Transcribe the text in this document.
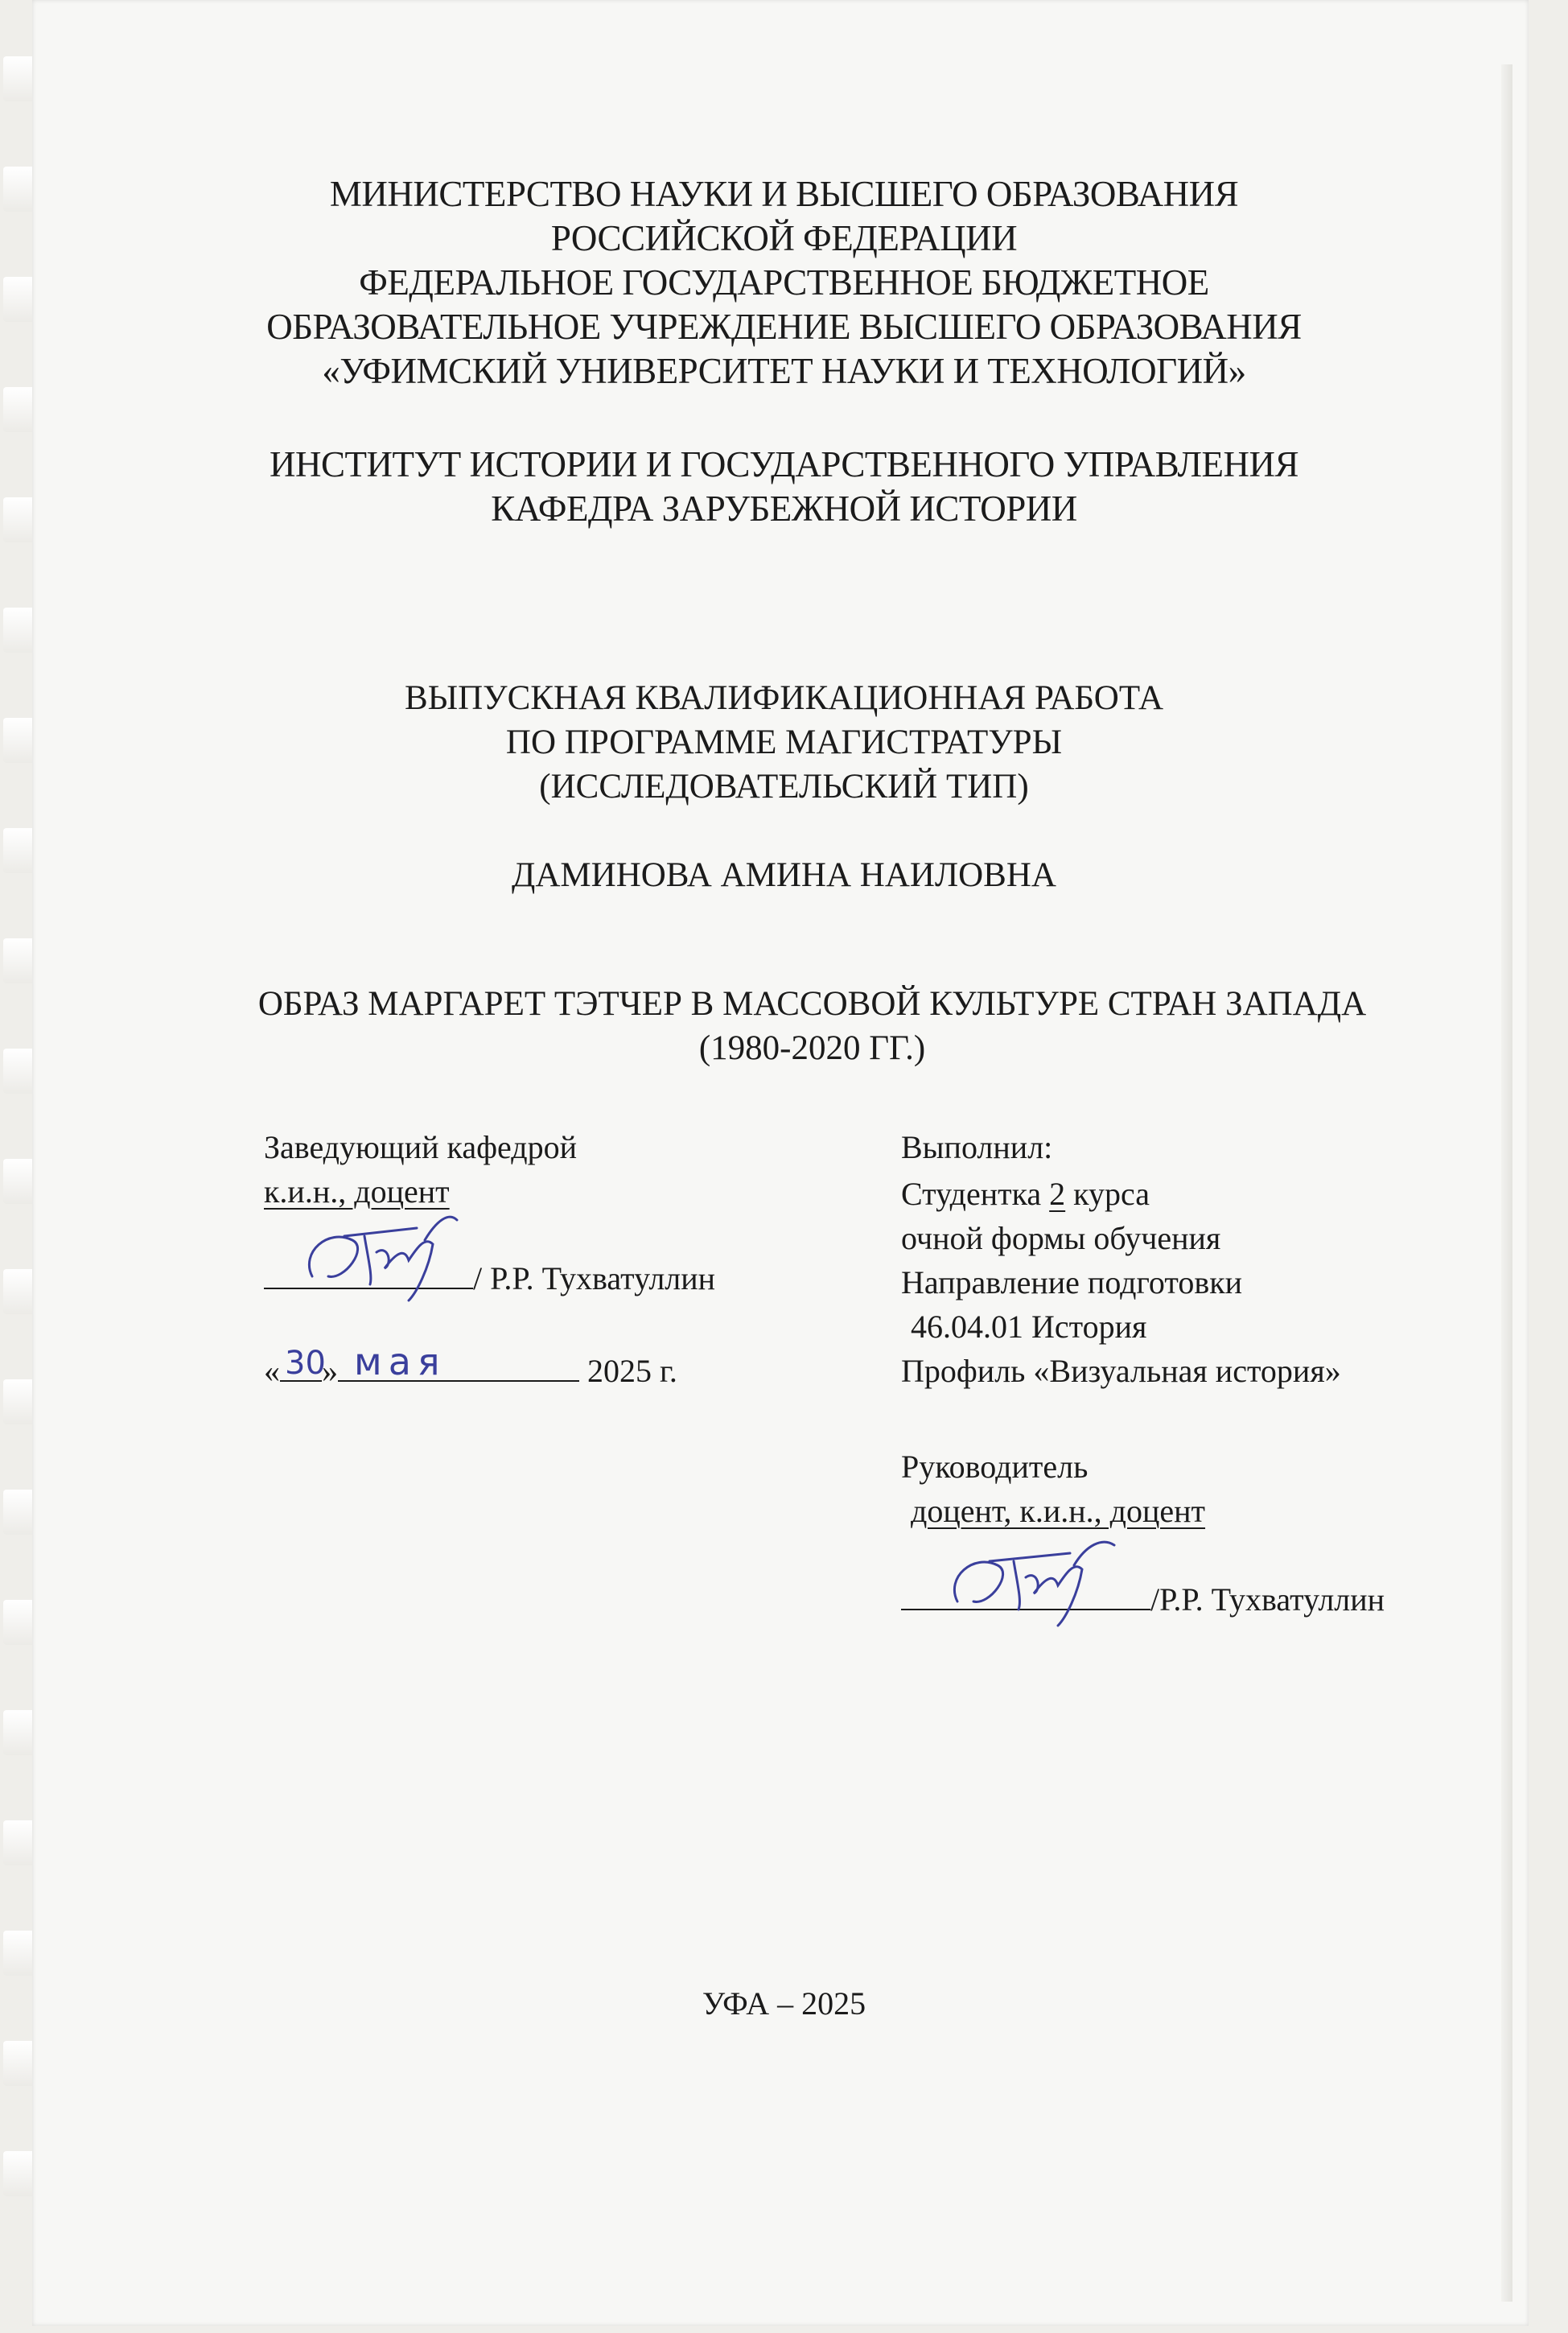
МИНИСТЕРСТВО НАУКИ И ВЫСШЕГО ОБРАЗОВАНИЯ
РОССИЙСКОЙ ФЕДЕРАЦИИ
ФЕДЕРАЛЬНОЕ ГОСУДАРСТВЕННОЕ БЮДЖЕТНОЕ
ОБРАЗОВАТЕЛЬНОЕ УЧРЕЖДЕНИЕ ВЫСШЕГО ОБРАЗОВАНИЯ
«УФИМСКИЙ УНИВЕРСИТЕТ НАУКИ И ТЕХНОЛОГИЙ»
ИНСТИТУТ ИСТОРИИ И ГОСУДАРСТВЕННОГО УПРАВЛЕНИЯ
КАФЕДРА ЗАРУБЕЖНОЙ ИСТОРИИ
ВЫПУСКНАЯ КВАЛИФИКАЦИОННАЯ РАБОТА
ПО ПРОГРАММЕ МАГИСТРАТУРЫ
(ИССЛЕДОВАТЕЛЬСКИЙ ТИП)
ДАМИНОВА АМИНА НАИЛОВНА
ОБРАЗ МАРГАРЕТ ТЭТЧЕР В МАССОВОЙ КУЛЬТУРЕ СТРАН ЗАПАДА
(1980-2020 ГГ.)
Заведующий кафедрой
к.и.н., доцент
/ Р.Р. Тухватуллин
« 30
» мая	2025 г.
Выполнил:
Студентка 2 курса
очной формы обучения
Направление подготовки
46.04.01 История
Профиль «Визуальная история»
Руководитель
доцент, к.и.н., доцент
/Р.Р. Тухватуллин
УФА – 2025
